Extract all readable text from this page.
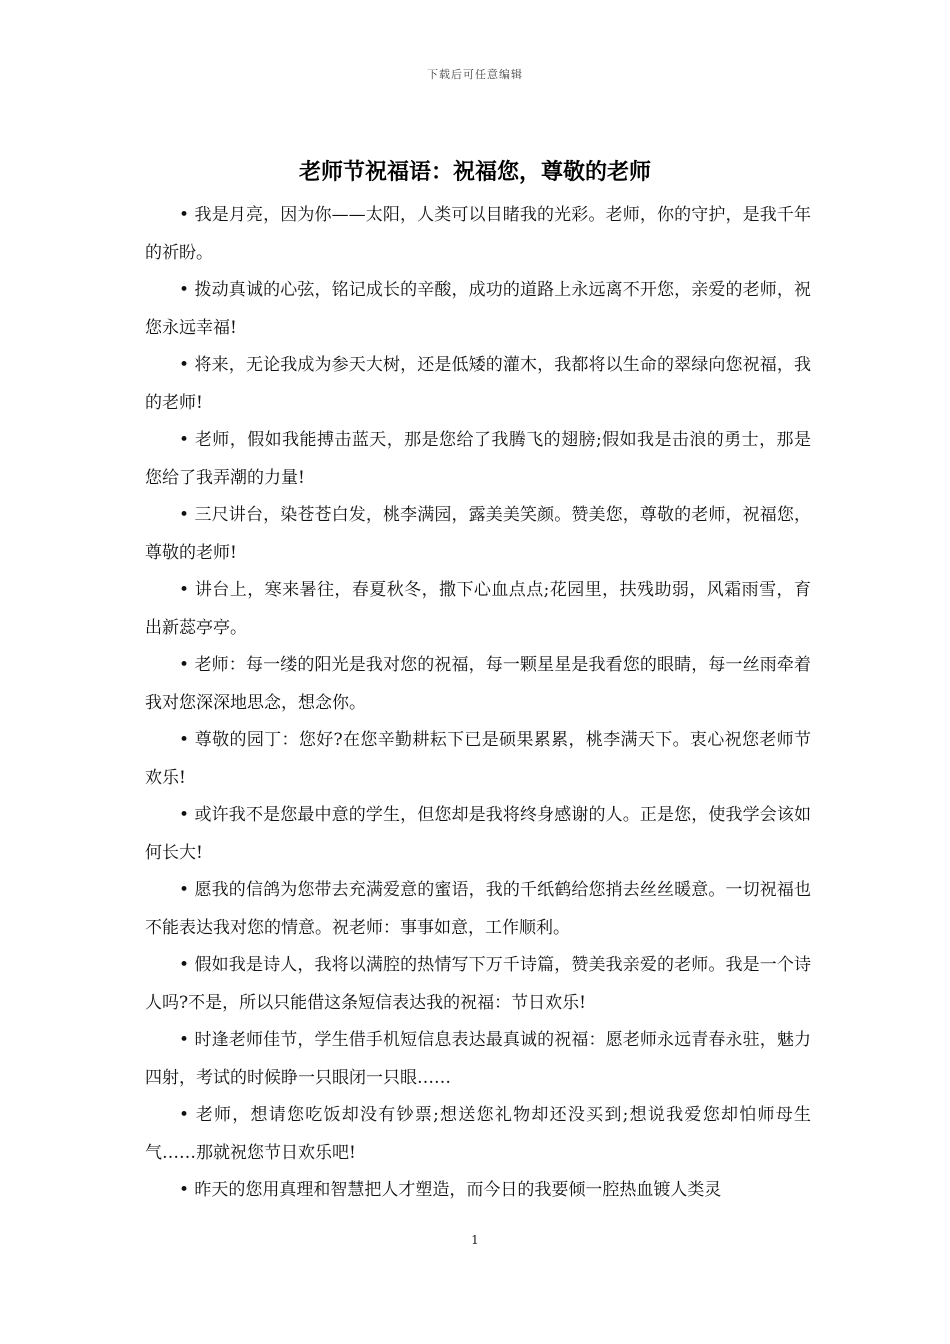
下载后可任意编辑
老师节祝福语：祝福您，尊敬的老师

• 我是月亮，因为你——太阳，人类可以目睹我的光彩。老师，你的守护，是我千年的祈盼。

• 拨动真诚的心弦，铭记成长的辛酸，成功的道路上永远离不开您，亲爱的老师，祝您永远幸福!

• 将来，无论我成为参天大树，还是低矮的灌木，我都将以生命的翠绿向您祝福，我的老师!

• 老师，假如我能搏击蓝天，那是您给了我腾飞的翅膀;假如我是击浪的勇士，那是您给了我弄潮的力量!

• 三尺讲台，染苍苍白发，桃李满园，露美美笑颜。赞美您，尊敬的老师，祝福您，尊敬的老师!

• 讲台上，寒来暑往，春夏秋冬，撒下心血点点;花园里，扶残助弱，风霜雨雪，育出新蕊亭亭。

• 老师：每一缕的阳光是我对您的祝福，每一颗星星是我看您的眼睛，每一丝雨牵着我对您深深地思念，想念你。

• 尊敬的园丁：您好?在您辛勤耕耘下已是硕果累累，桃李满天下。衷心祝您老师节欢乐!

• 或许我不是您最中意的学生，但您却是我将终身感谢的人。正是您，使我学会该如何长大!

• 愿我的信鸽为您带去充满爱意的蜜语，我的千纸鹤给您捎去丝丝暖意。一切祝福也不能表达我对您的情意。祝老师：事事如意，工作顺利。

• 假如我是诗人，我将以满腔的热情写下万千诗篇，赞美我亲爱的老师。我是一个诗人吗?不是，所以只能借这条短信表达我的祝福：节日欢乐!

• 时逢老师佳节，学生借手机短信息表达最真诚的祝福：愿老师永远青春永驻，魅力四射，考试的时候睁一只眼闭一只眼……

• 老师，想请您吃饭却没有钞票;想送您礼物却还没买到;想说我爱您却怕师母生气……那就祝您节日欢乐吧!

• 昨天的您用真理和智慧把人才塑造，而今日的我要倾一腔热血镀人类灵

1
